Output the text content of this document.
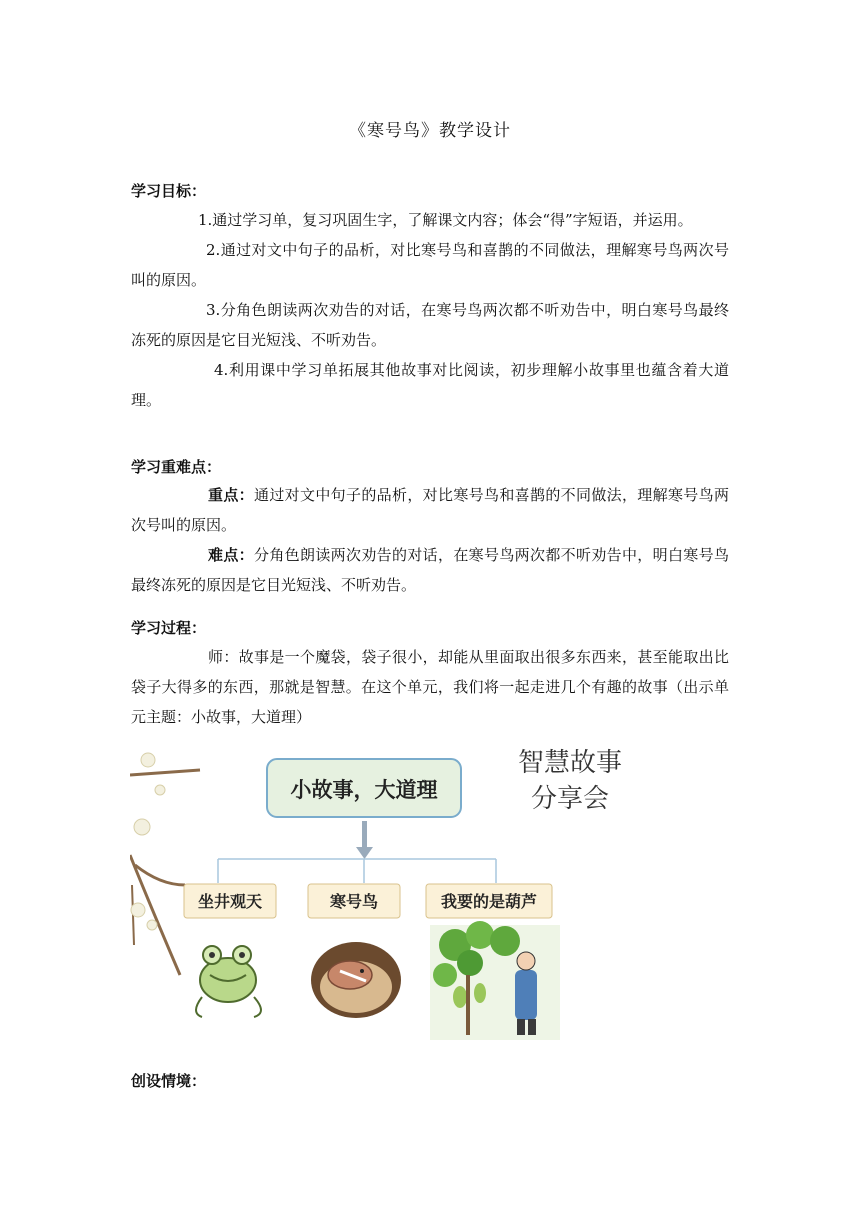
《寒号鸟》教学设计
学习目标：

1.通过学习单，复习巩固生字，了解课文内容；体会“得”字短语，并运用。

2.通过对文中句子的品析，对比寒号鸟和喜鹊的不同做法，理解寒号鸟两次号叫的原因。

3.分角色朗读两次劝告的对话，在寒号鸟两次都不听劝告中，明白寒号鸟最终冻死的原因是它目光短浅、不听劝告。

4.利用课中学习单拓展其他故事对比阅读，初步理解小故事里也蕴含着大道理。

学习重难点：

重点：通过对文中句子的品析，对比寒号鸟和喜鹊的不同做法，理解寒号鸟两次号叫的原因。

难点：分角色朗读两次劝告的对话，在寒号鸟两次都不听劝告中，明白寒号鸟最终冻死的原因是它目光短浅、不听劝告。

学习过程：

师：故事是一个魔袋，袋子很小，却能从里面取出很多东西来，甚至能取出比袋子大得多的东西，那就是智慧。在这个单元，我们将一起走进几个有趣的故事（出示单元主题：小故事，大道理）

小故事，大道理
智慧故事
分享会
坐井观天	寒号鸟	我要的是葫芦
创设情境：
